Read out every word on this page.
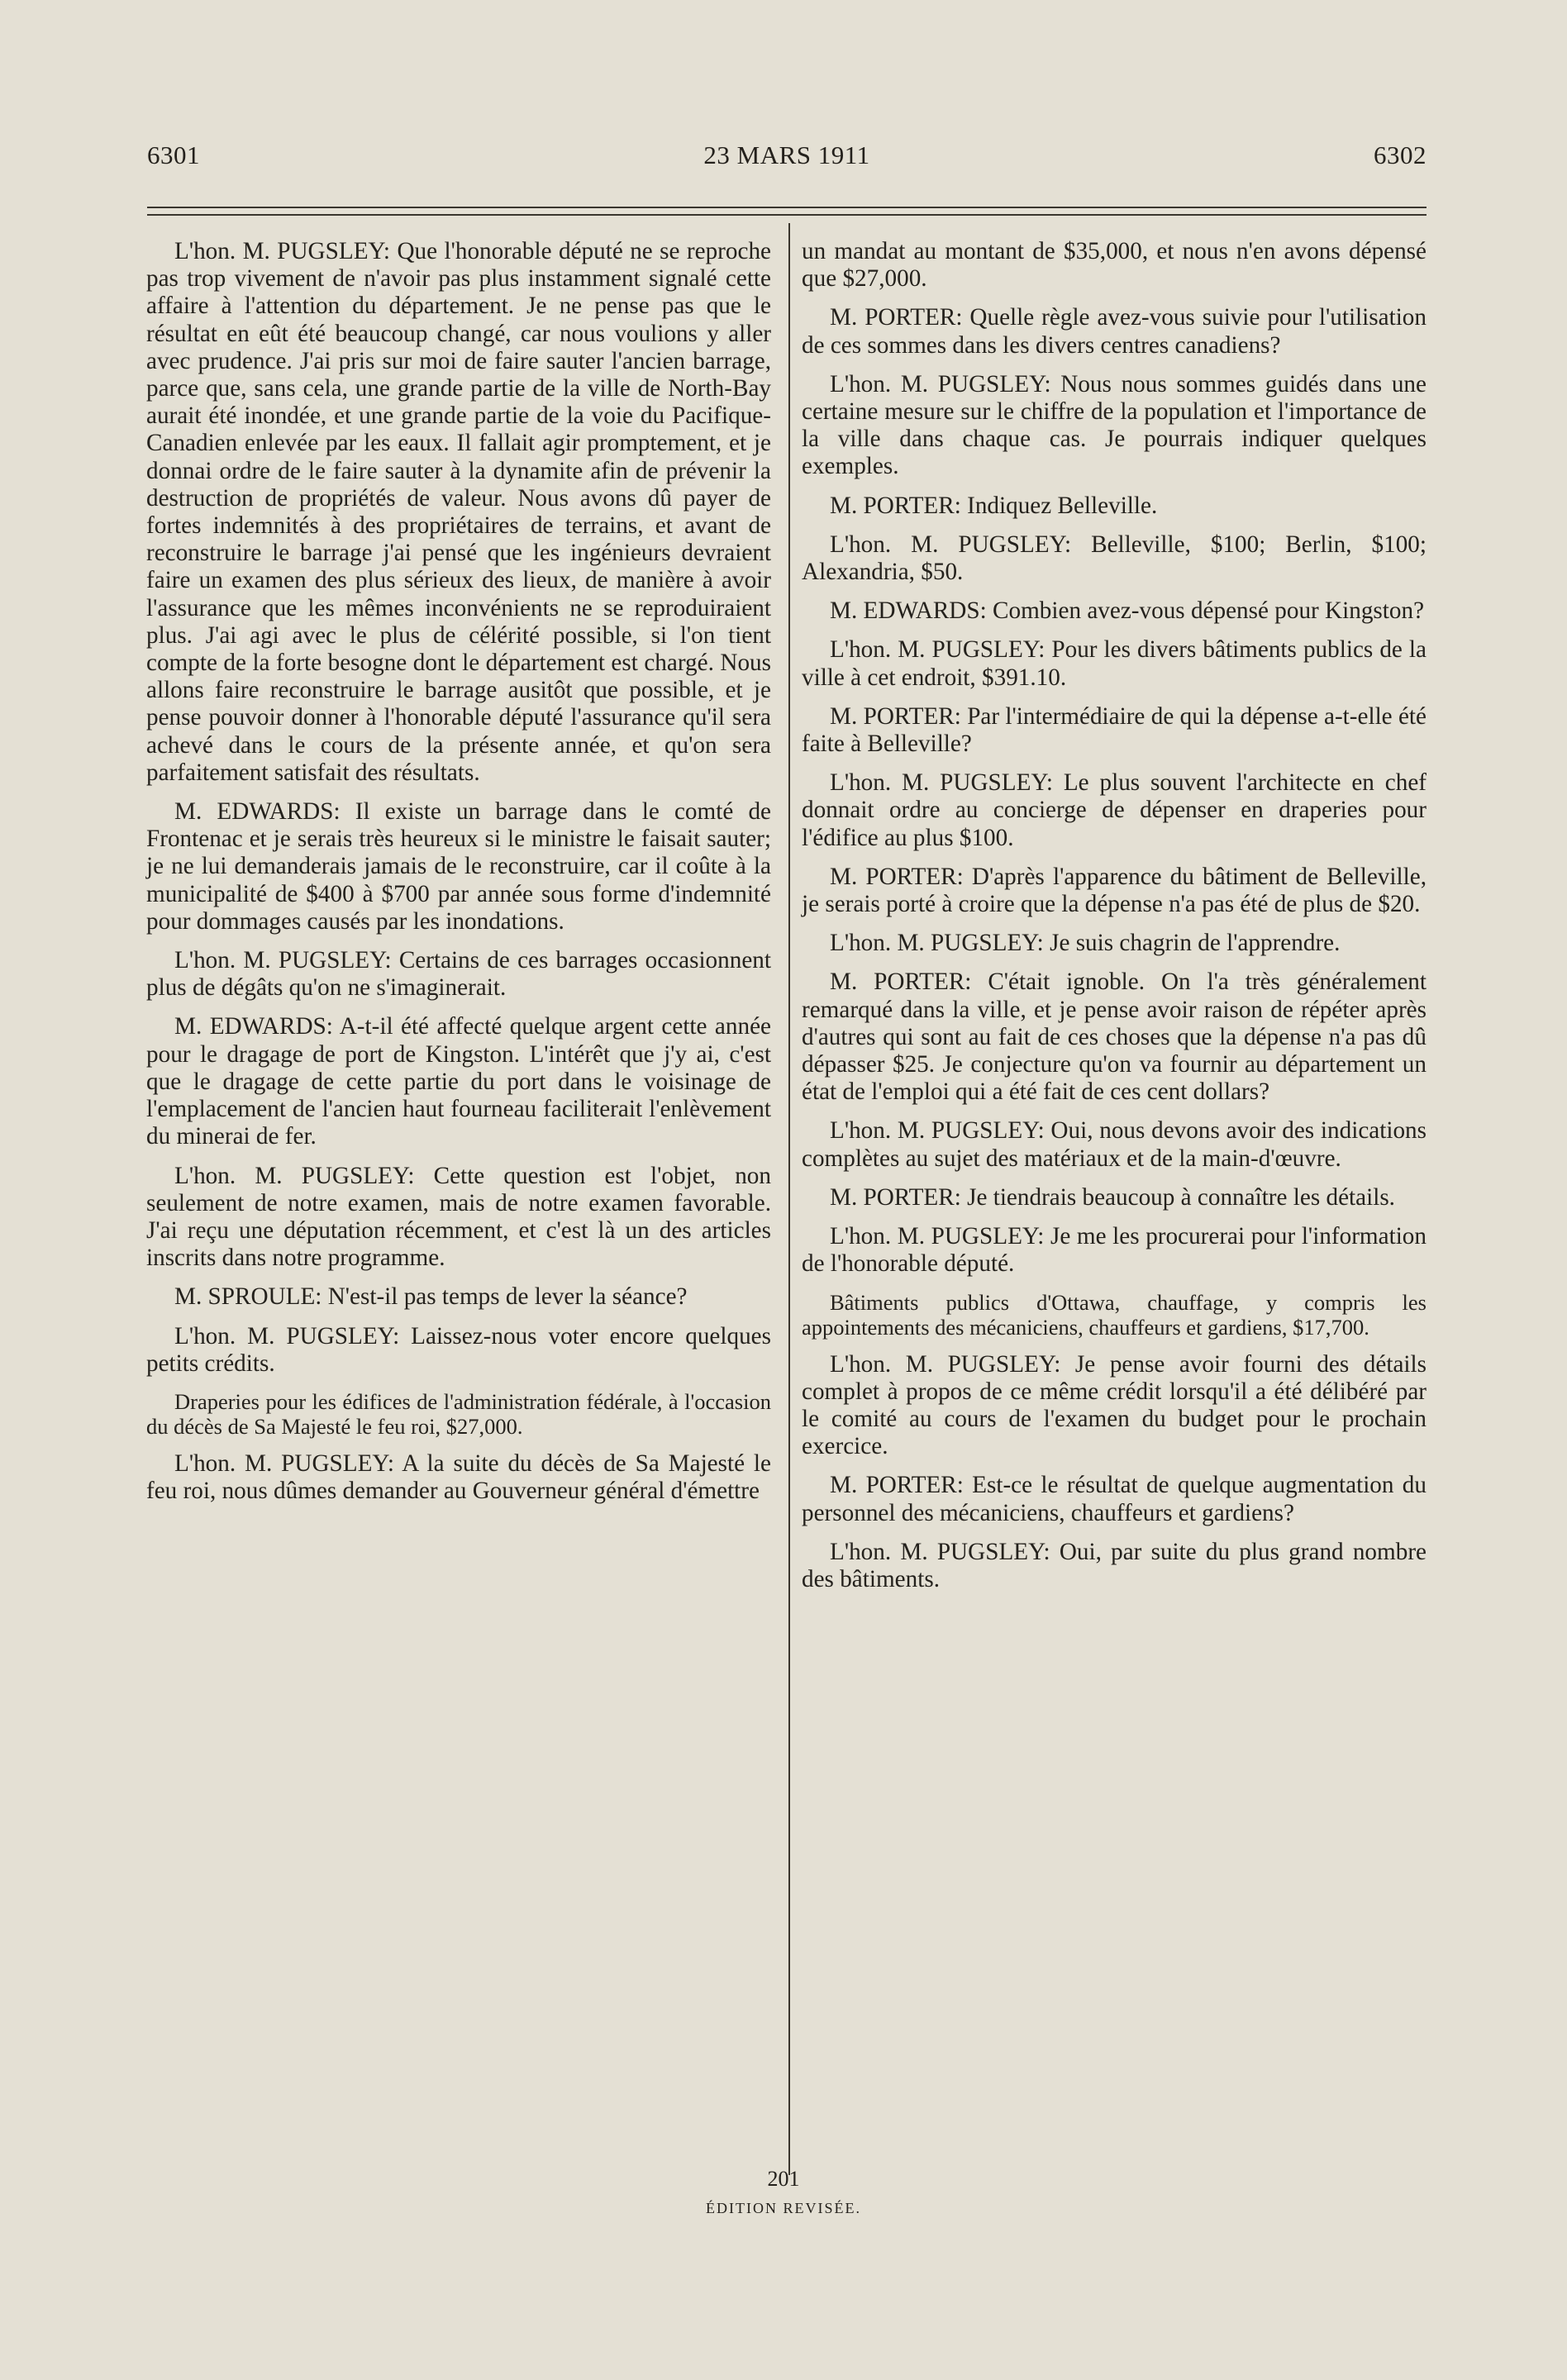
6301	23 MARS 1911	6302

L'hon. M. PUGSLEY: Que l'honorable député ne se reproche pas trop vivement de n'avoir pas plus instamment signalé cette affaire à l'attention du département. Je ne pense pas que le résultat en eût été beaucoup changé, car nous voulions y aller avec prudence. J'ai pris sur moi de faire sauter l'ancien barrage, parce que, sans cela, une grande partie de la ville de North-Bay aurait été inondée, et une grande partie de la voie du Pacifique-Canadien enlevée par les eaux. Il fallait agir promptement, et je donnai ordre de le faire sauter à la dynamite afin de prévenir la destruction de propriétés de valeur. Nous avons dû payer de fortes indemnités à des propriétaires de terrains, et avant de reconstruire le barrage j'ai pensé que les ingénieurs devraient faire un examen des plus sérieux des lieux, de manière à avoir l'assurance que les mêmes inconvénients ne se reproduiraient plus. J'ai agi avec le plus de célérité possible, si l'on tient compte de la forte besogne dont le département est chargé. Nous allons faire reconstruire le barrage ausitôt que possible, et je pense pouvoir donner à l'honorable député l'assurance qu'il sera achevé dans le cours de la présente année, et qu'on sera parfaitement satisfait des résultats.

M. EDWARDS: Il existe un barrage dans le comté de Frontenac et je serais très heureux si le ministre le faisait sauter; je ne lui demanderais jamais de le reconstruire, car il coûte à la municipalité de $400 à $700 par année sous forme d'indemnité pour dommages causés par les inondations.

L'hon. M. PUGSLEY: Certains de ces barrages occasionnent plus de dégâts qu'on ne s'imaginerait.

M. EDWARDS: A-t-il été affecté quelque argent cette année pour le dragage de port de Kingston. L'intérêt que j'y ai, c'est que le dragage de cette partie du port dans le voisinage de l'emplacement de l'ancien haut fourneau faciliterait l'enlèvement du minerai de fer.

L'hon. M. PUGSLEY: Cette question est l'objet, non seulement de notre examen, mais de notre examen favorable. J'ai reçu une députation récemment, et c'est là un des articles inscrits dans notre programme.

M. SPROULE: N'est-il pas temps de lever la séance?

L'hon. M. PUGSLEY: Laissez-nous voter encore quelques petits crédits.

Draperies pour les édifices de l'administration fédérale, à l'occasion du décès de Sa Majesté le feu roi, $27,000.

L'hon. M. PUGSLEY: A la suite du décès de Sa Majesté le feu roi, nous dûmes demander au Gouverneur général d'émettre

un mandat au montant de $35,000, et nous n'en avons dépensé que $27,000.

M. PORTER: Quelle règle avez-vous suivie pour l'utilisation de ces sommes dans les divers centres canadiens?

L'hon. M. PUGSLEY: Nous nous sommes guidés dans une certaine mesure sur le chiffre de la population et l'importance de la ville dans chaque cas. Je pourrais indiquer quelques exemples.

M. PORTER: Indiquez Belleville.

L'hon. M. PUGSLEY: Belleville, $100; Berlin, $100; Alexandria, $50.

M. EDWARDS: Combien avez-vous dépensé pour Kingston?

L'hon. M. PUGSLEY: Pour les divers bâtiments publics de la ville à cet endroit, $391.10.

M. PORTER: Par l'intermédiaire de qui la dépense a-t-elle été faite à Belleville?

L'hon. M. PUGSLEY: Le plus souvent l'architecte en chef donnait ordre au concierge de dépenser en draperies pour l'édifice au plus $100.

M. PORTER: D'après l'apparence du bâtiment de Belleville, je serais porté à croire que la dépense n'a pas été de plus de $20.

L'hon. M. PUGSLEY: Je suis chagrin de l'apprendre.

M. PORTER: C'était ignoble. On l'a très généralement remarqué dans la ville, et je pense avoir raison de répéter après d'autres qui sont au fait de ces choses que la dépense n'a pas dû dépasser $25. Je conjecture qu'on va fournir au département un état de l'emploi qui a été fait de ces cent dollars?

L'hon. M. PUGSLEY: Oui, nous devons avoir des indications complètes au sujet des matériaux et de la main-d'œuvre.

M. PORTER: Je tiendrais beaucoup à connaître les détails.

L'hon. M. PUGSLEY: Je me les procurerai pour l'information de l'honorable député.

Bâtiments publics d'Ottawa, chauffage, y compris les appointements des mécaniciens, chauffeurs et gardiens, $17,700.

L'hon. M. PUGSLEY: Je pense avoir fourni des détails complet à propos de ce même crédit lorsqu'il a été délibéré par le comité au cours de l'examen du budget pour le prochain exercice.

M. PORTER: Est-ce le résultat de quelque augmentation du personnel des mécaniciens, chauffeurs et gardiens?

L'hon. M. PUGSLEY: Oui, par suite du plus grand nombre des bâtiments.

201
ÉDITION REVISÉE.
